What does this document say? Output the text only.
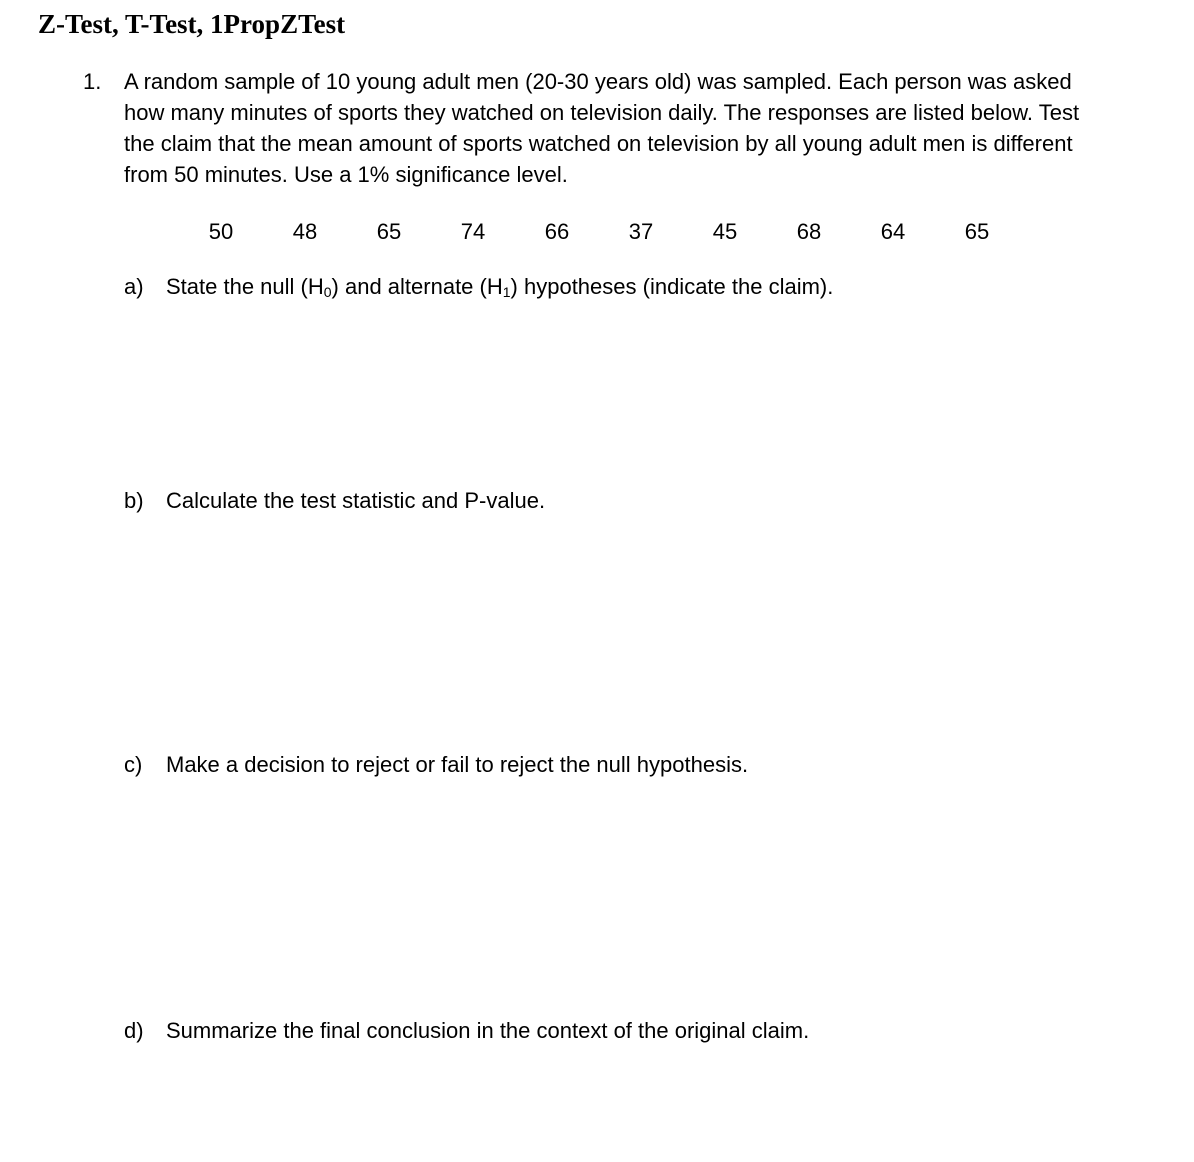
Z-Test, T-Test, 1PropZTest
1. A random sample of 10 young adult men (20-30 years old) was sampled. Each person was asked how many minutes of sports they watched on television daily. The responses are listed below. Test the claim that the mean amount of sports watched on television by all young adult men is different from 50 minutes. Use a 1% significance level.
50	48	65	74	66	37	45	68	64	65
a) State the null $(H_0)$ and alternate $(H_1)$ hypotheses (indicate the claim).
b) Calculate the test statistic and P-value.
c) Make a decision to reject or fail to reject the null hypothesis.
d) Summarize the final conclusion in the context of the original claim.
